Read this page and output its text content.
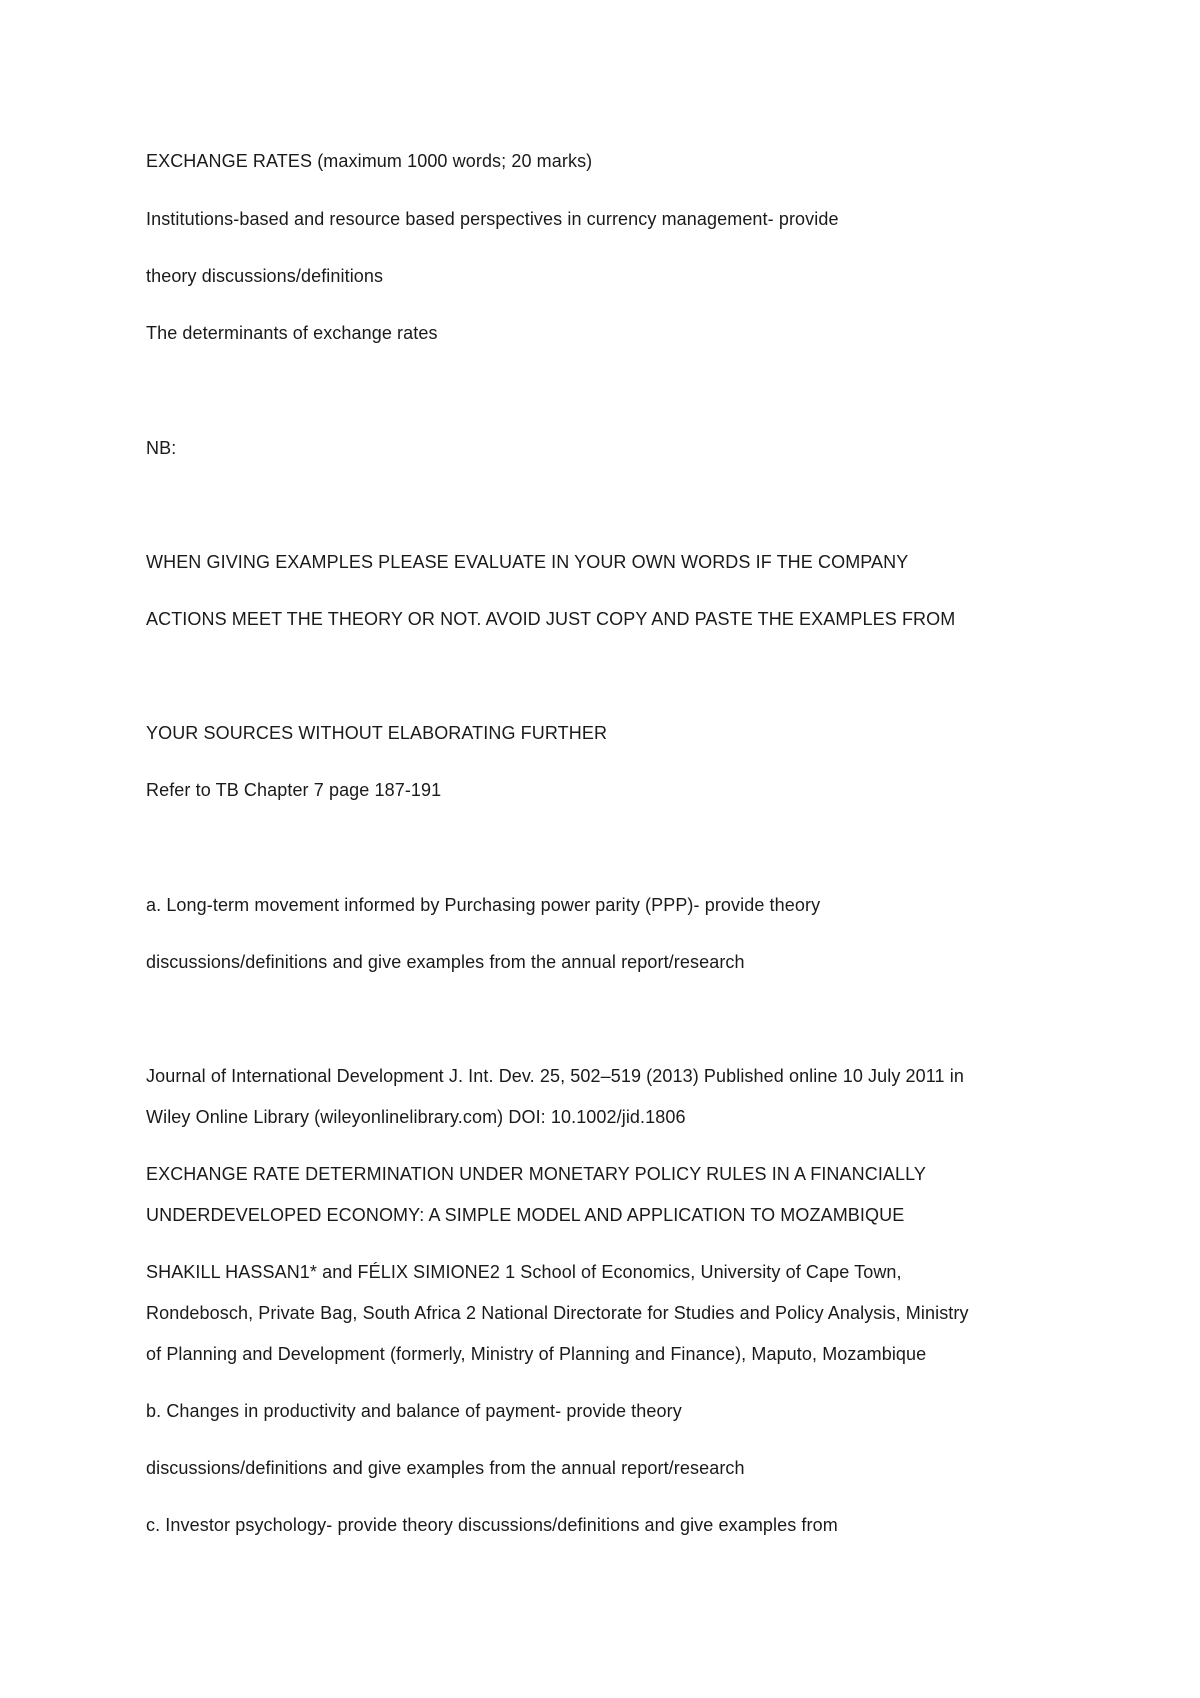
EXCHANGE RATES (maximum 1000 words; 20 marks)
Institutions-based and resource based perspectives in currency management- provide
theory discussions/definitions
The determinants of exchange rates
NB:
WHEN GIVING EXAMPLES PLEASE EVALUATE IN YOUR OWN WORDS IF THE COMPANY
ACTIONS MEET THE THEORY OR NOT. AVOID JUST COPY AND PASTE THE EXAMPLES FROM
YOUR SOURCES WITHOUT ELABORATING FURTHER
Refer to TB Chapter 7 page 187-191
a. Long-term movement informed by Purchasing power parity (PPP)- provide theory
discussions/definitions and give examples from the annual report/research
Journal of International Development J. Int. Dev. 25, 502–519 (2013) Published online 10 July 2011 in
Wiley Online Library (wileyonlinelibrary.com) DOI: 10.1002/jid.1806
EXCHANGE RATE DETERMINATION UNDER MONETARY POLICY RULES IN A FINANCIALLY
UNDERDEVELOPED ECONOMY: A SIMPLE MODEL AND APPLICATION TO MOZAMBIQUE
SHAKILL HASSAN1* and FÉLIX SIMIONE2 1 School of Economics, University of Cape Town,
Rondebosch, Private Bag, South Africa 2 National Directorate for Studies and Policy Analysis, Ministry
of Planning and Development (formerly, Ministry of Planning and Finance), Maputo, Mozambique
b. Changes in productivity and balance of payment- provide theory
discussions/definitions and give examples from the annual report/research
c. Investor psychology- provide theory discussions/definitions and give examples from
